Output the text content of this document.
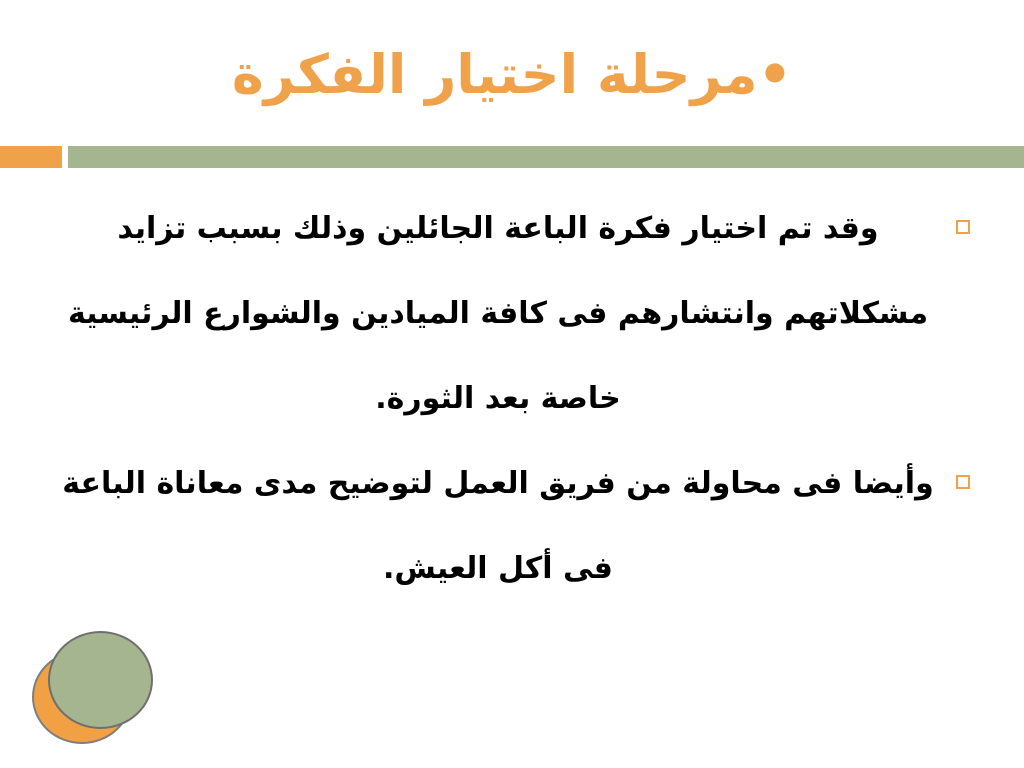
•مرحلة اختيار الفكرة

وقد تم اختيار فكرة الباعة الجائلين وذلك بسبب تزايد مشكلاتهم وانتشارهم فى كافة الميادين والشوارع الرئيسية خاصة بعد الثورة.

وأيضا فى محاولة من فريق العمل لتوضيح مدى معاناة الباعة فى أكل العيش.
